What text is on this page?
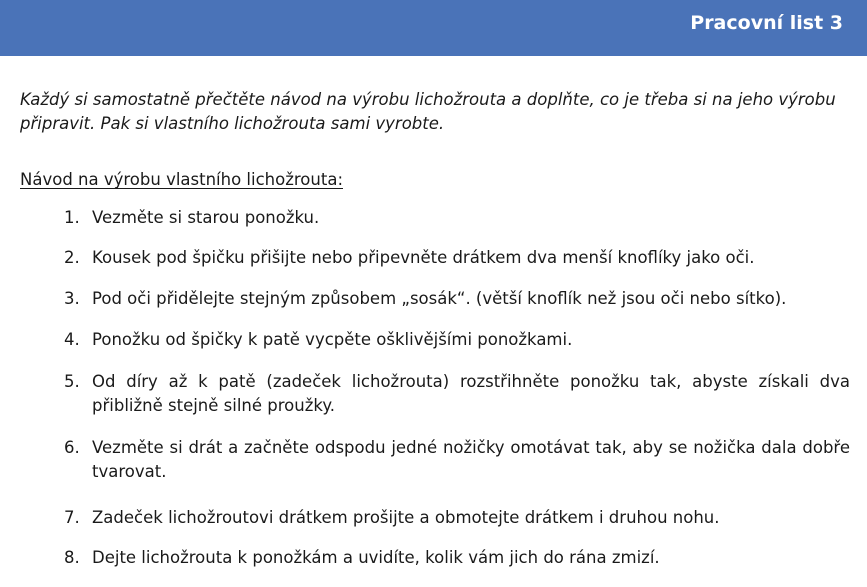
Pracovní list 3

Každý si samostatně přečtěte návod na výrobu lichožrouta a doplňte, co je třeba si na jeho výrobu připravit. Pak si vlastního lichožrouta sami vyrobte.

Návod na výrobu vlastního lichožrouta:

1. Vezměte si starou ponožku.
2. Kousek pod špičku přišijte nebo připevněte drátkem dva menší knoflíky jako oči.
3. Pod oči přidělejte stejným způsobem „sosák“. (větší knoflík než jsou oči nebo sítko).
4. Ponožku od špičky k patě vycpěte ošklivějšími ponožkami.
5. Od díry až k patě (zadeček lichožrouta) rozstřihněte ponožku tak, abyste získali dva přibližně stejně silné proužky.
6. Vezměte si drát a začněte odspodu jedné nožičky omotávat tak, aby se nožička dala dobře tvarovat.
7. Zadeček lichožroutovi drátkem prošijte a obmotejte drátkem i druhou nohu.
8. Dejte lichožrouta k ponožkám a uvidíte, kolik vám jich do rána zmizí.
